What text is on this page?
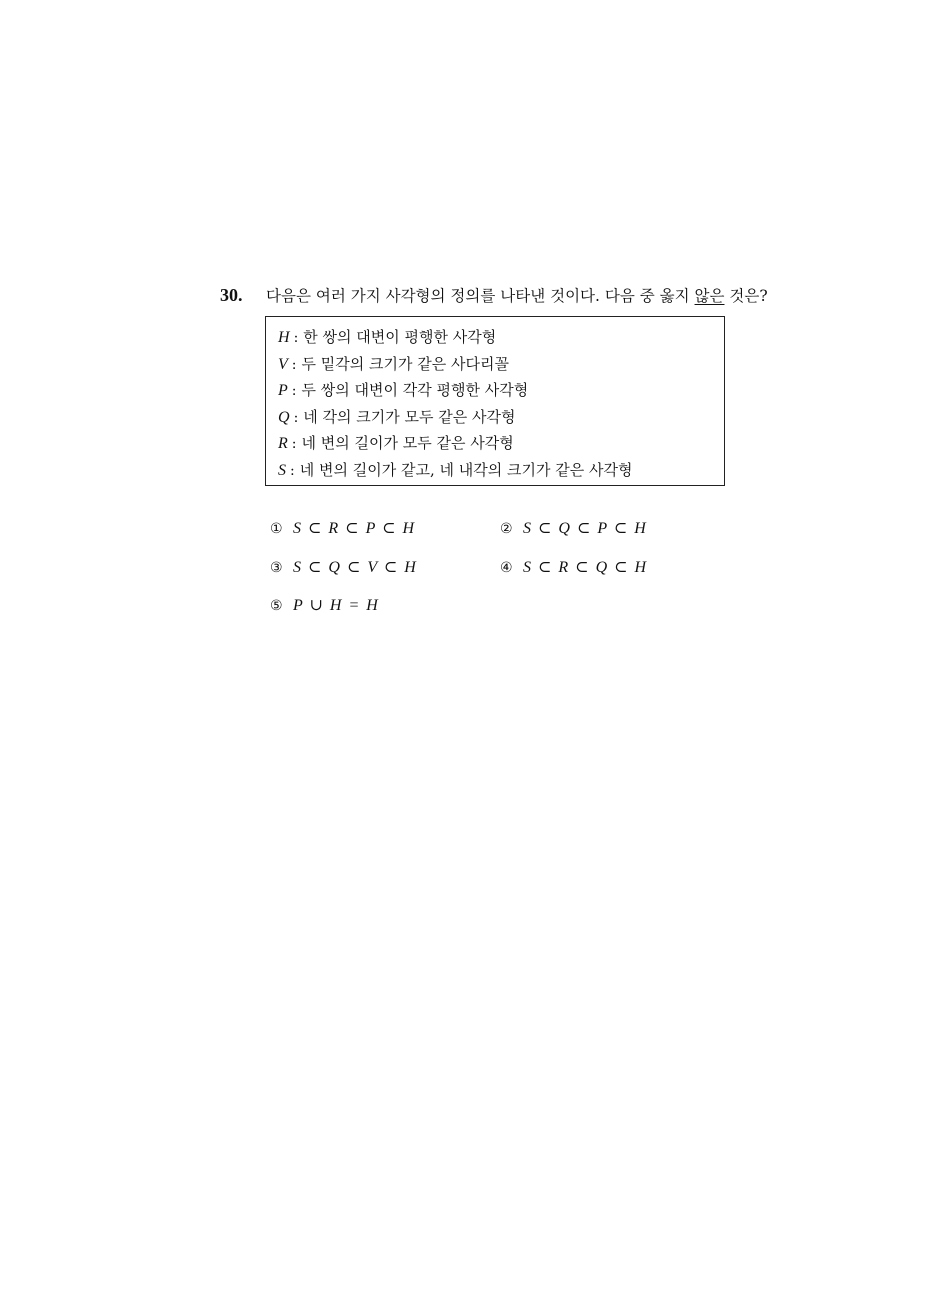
30.	다음은 여러 가지 사각형의 정의를 나타낸 것이다. 다음 중 옳지 않은 것은?
H : 한 쌍의 대변이 평행한 사각형
V : 두 밑각의 크기가 같은 사다리꼴
P : 두 쌍의 대변이 각각 평행한 사각형
Q : 네 각의 크기가 모두 같은 사각형
R : 네 변의 길이가 모두 같은 사각형
S : 네 변의 길이가 같고, 네 내각의 크기가 같은 사각형
① S ⊂ R ⊂ P ⊂ H	② S ⊂ Q ⊂ P ⊂ H
③ S ⊂ Q ⊂ V ⊂ H	④ S ⊂ R ⊂ Q ⊂ H
⑤ P ∪ H = H
